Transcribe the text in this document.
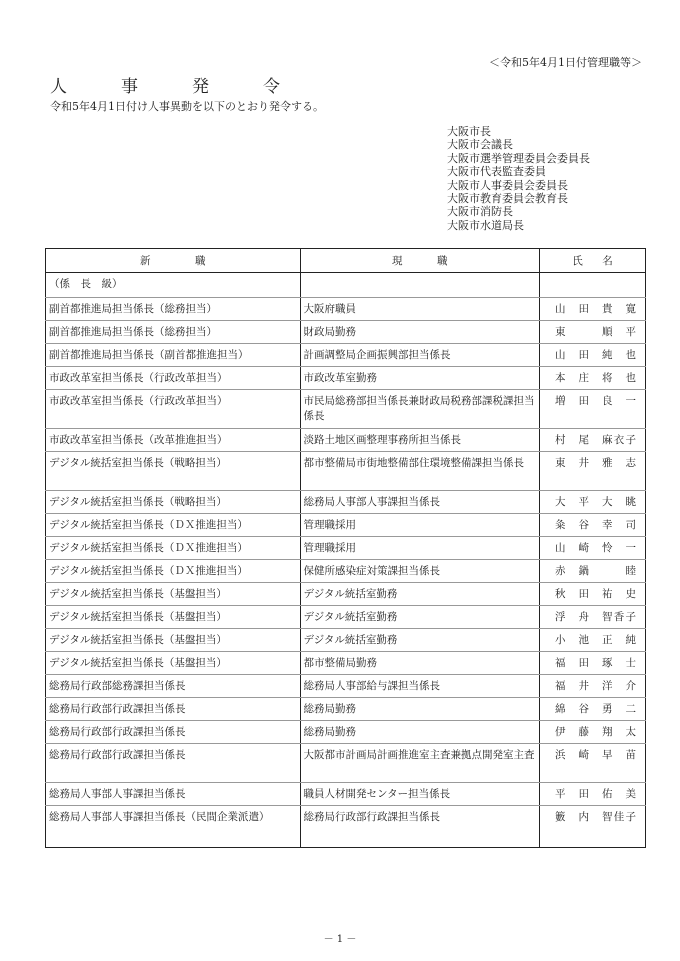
＜令和5年4月1日付管理職等＞
人	事	発	令
令和5年4月1日付け人事異動を以下のとおり発令する。
大阪市長
大阪市会議長
大阪市選挙管理委員会委員長
大阪市代表監査委員
大阪市人事委員会委員長
大阪市教育委員会教育長
大阪市消防長
大阪市水道局長
新 職	現 職	氏 名

（係　長　級）		
副首都推進局担当係長（総務担当）	大阪府職員	山田 貴寛

副首都推進局担当係長（総務担当）	財政局勤務	東 順平

副首都推進局担当係長（副首都推進担当）	計画調整局企画振興部担当係長	山田 純也

市政改革室担当係長（行政改革担当）	市政改革室勤務	本庄 将也

市政改革室担当係長（行政改革担当）	市民局総務部担当係長兼財政局税務部課税課担当係長	増田 良一

市政改革室担当係長（改革推進担当）	淡路土地区画整理事務所担当係長	村尾 麻衣子

デジタル統括室担当係長（戦略担当）	都市整備局市街地整備部住環境整備課担当係長	東井 雅志

デジタル統括室担当係長（戦略担当）	総務局人事部人事課担当係長	大平 大眺

デジタル統括室担当係長（ＤＸ推進担当）	管理職採用	粂谷 幸司

デジタル統括室担当係長（ＤＸ推進担当）	管理職採用	山崎 怜一

デジタル統括室担当係長（ＤＸ推進担当）	保健所感染症対策課担当係長	赤鍋 睦

デジタル統括室担当係長（基盤担当）	デジタル統括室勤務	秋田 祐史

デジタル統括室担当係長（基盤担当）	デジタル統括室勤務	浮舟 智香子

デジタル統括室担当係長（基盤担当）	デジタル統括室勤務	小池 正純

デジタル統括室担当係長（基盤担当）	都市整備局勤務	福田 琢士

総務局行政部総務課担当係長	総務局人事部給与課担当係長	福井 洋介

総務局行政部行政課担当係長	総務局勤務	綿谷 勇二

総務局行政部行政課担当係長	総務局勤務	伊藤 翔太

総務局行政部行政課担当係長	大阪都市計画局計画推進室主査兼拠点開発室主査	浜崎 早苗

総務局人事部人事課担当係長	職員人材開発センター担当係長	平田 佑美

総務局人事部人事課担当係長（民間企業派遣）	総務局行政部行政課担当係長	籔内 智佳子
－ 1 －
